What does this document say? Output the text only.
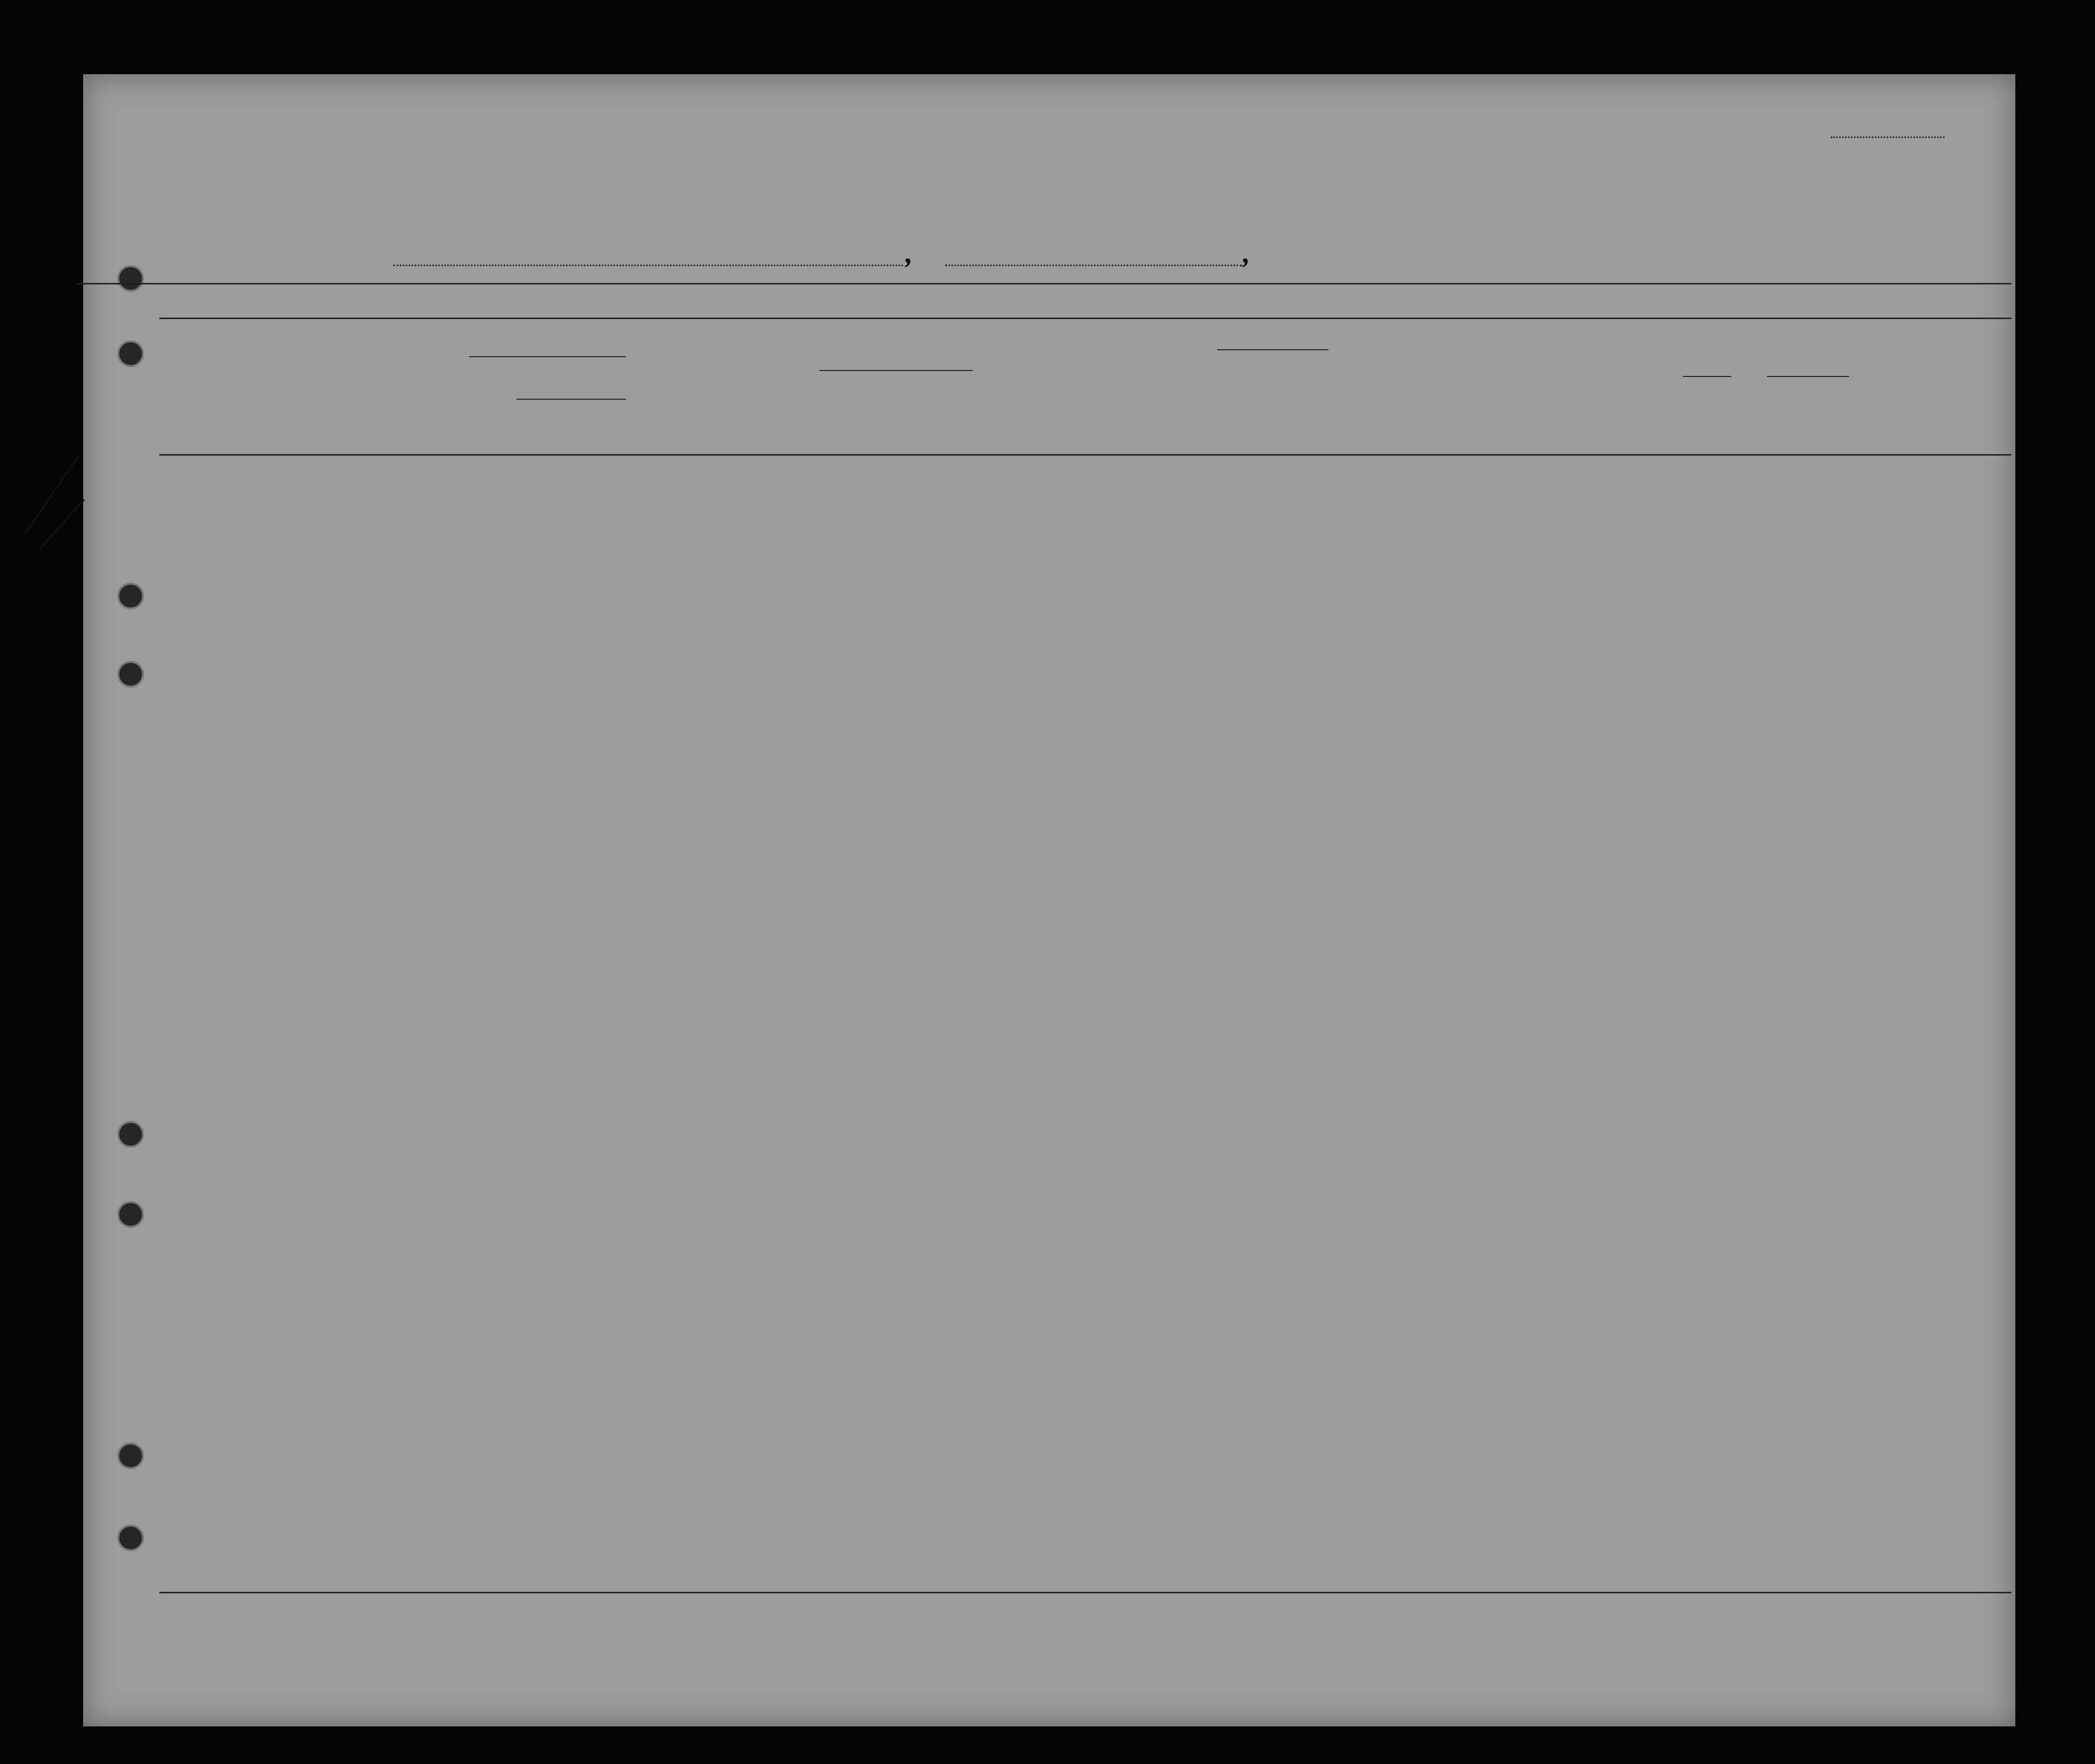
,	,
